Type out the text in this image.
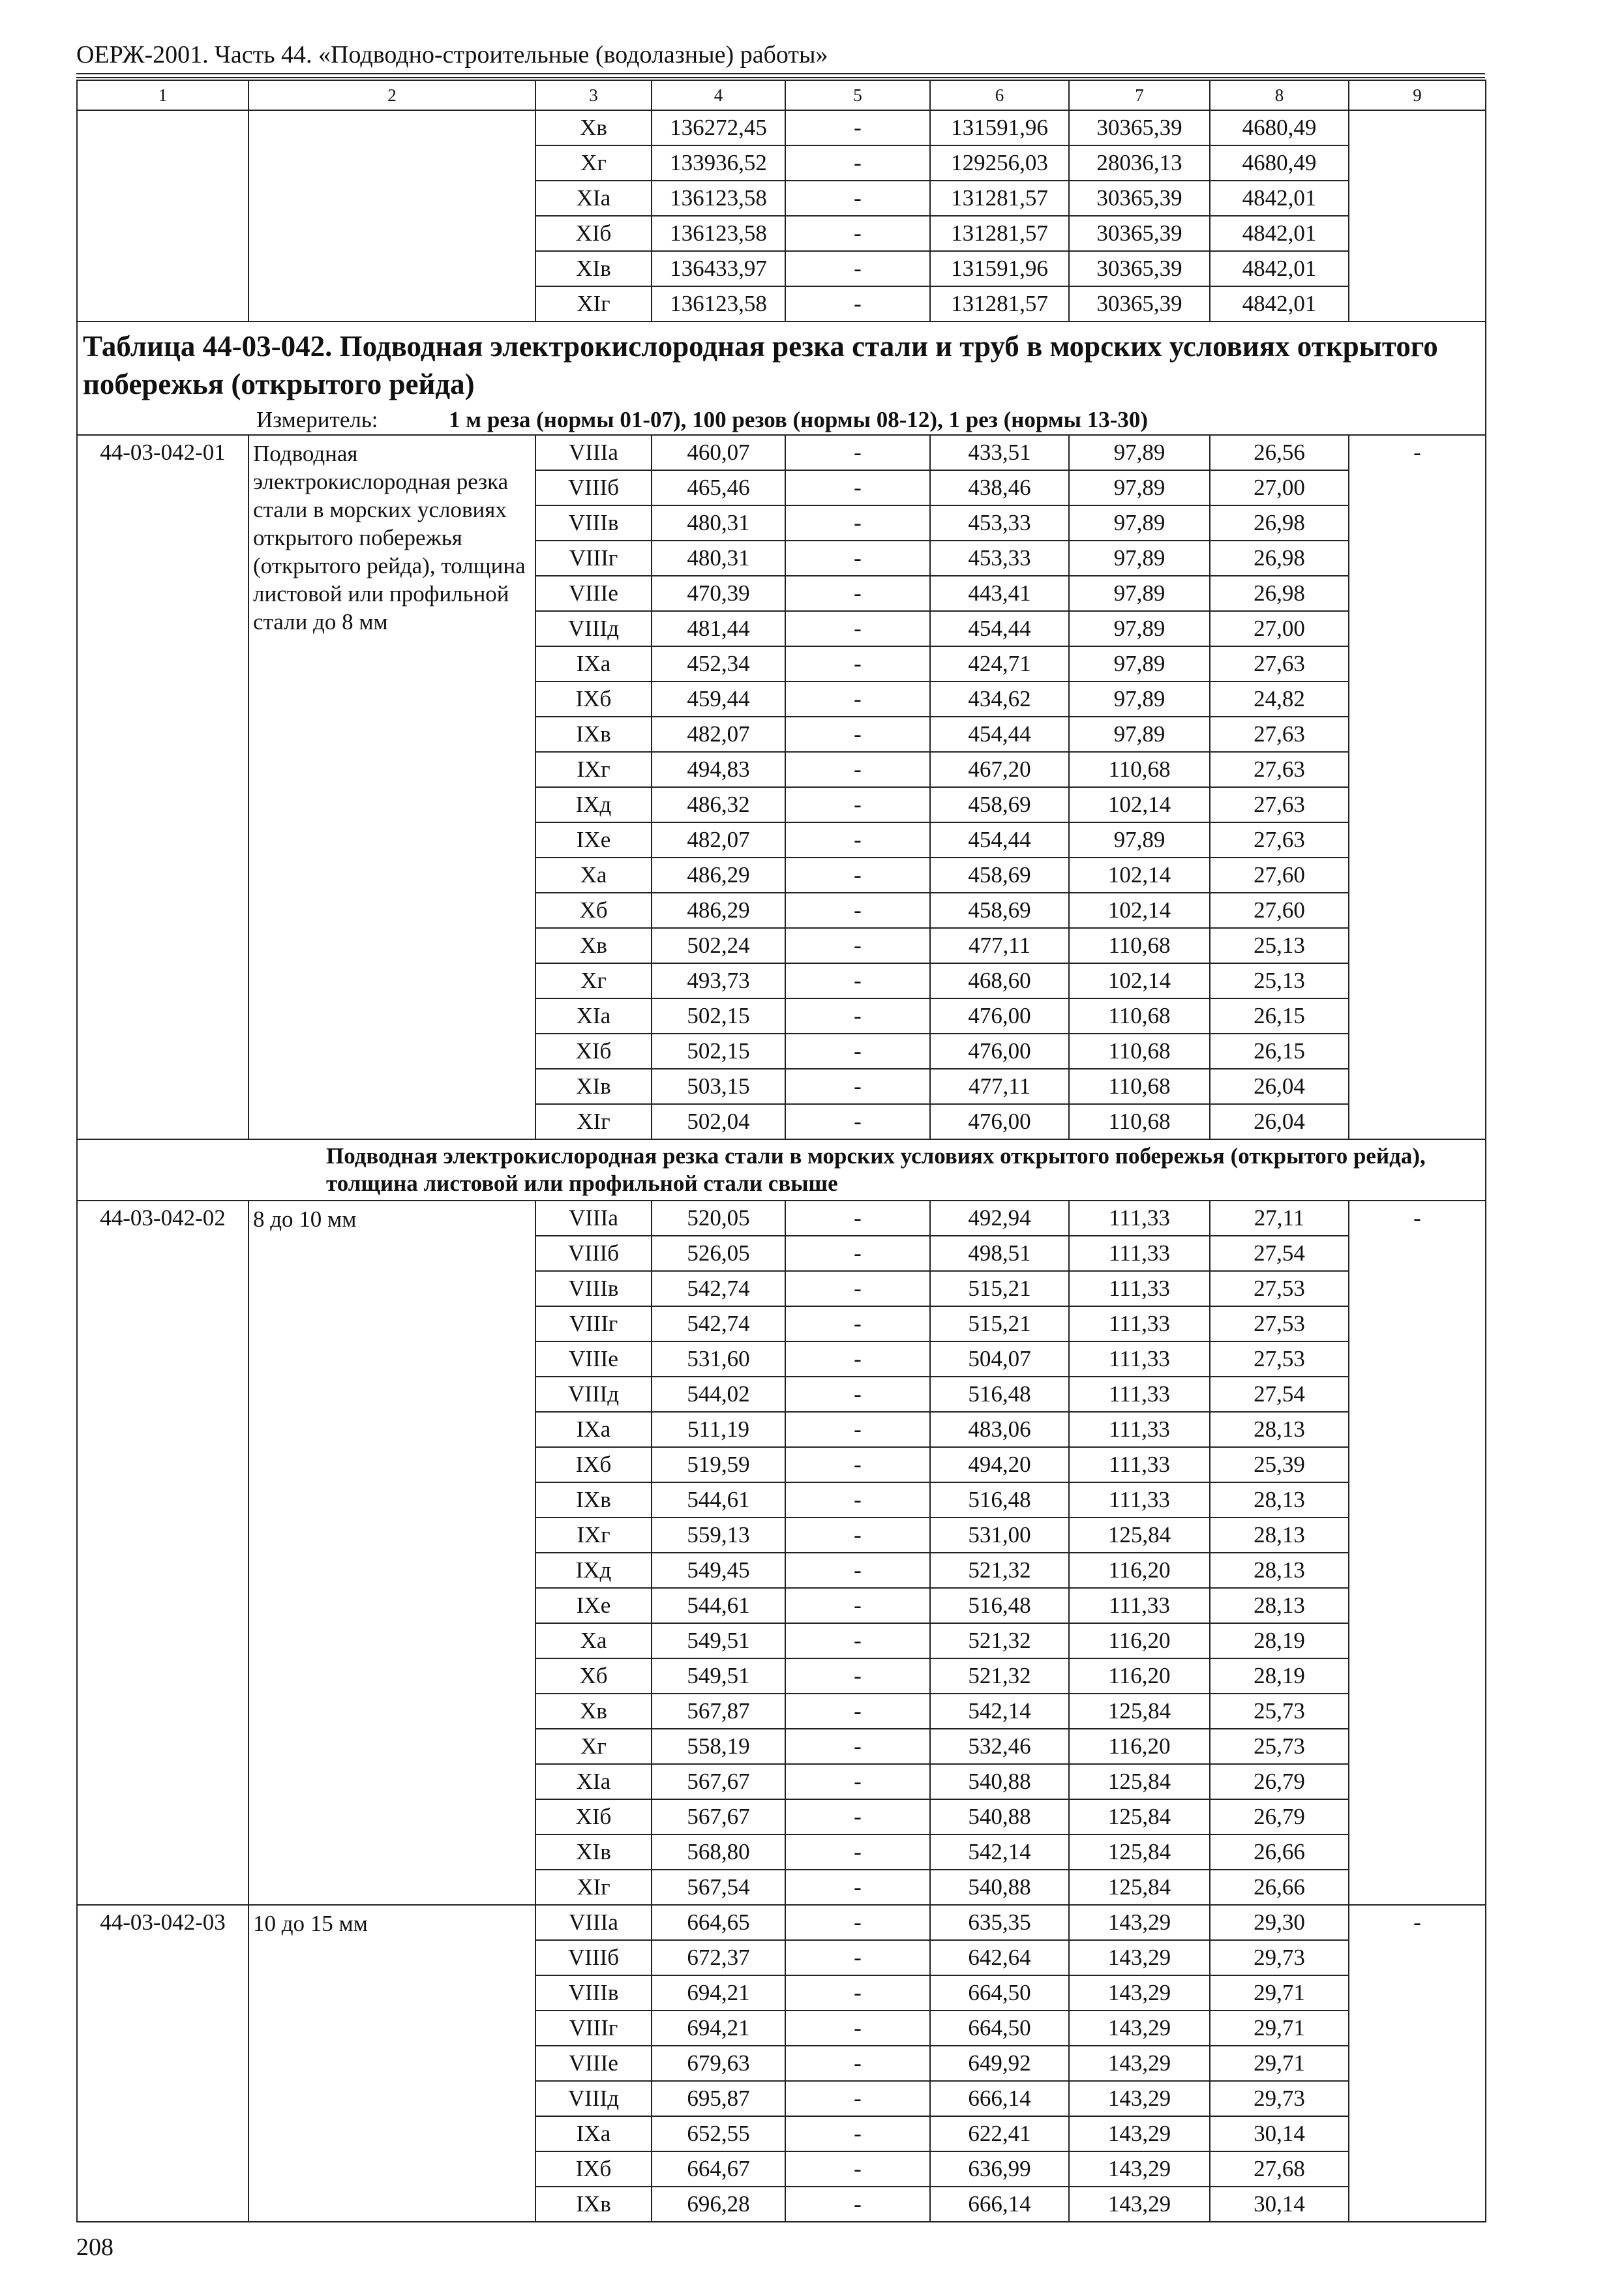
ОЕРЖ-2001. Часть 44. «Подводно-строительные (водолазные) работы»
1	2	3	4	5	6	7	8	9
		Хв	136272,45	-	131591,96	30365,39	4680,49	
		Хг	133936,52	-	129256,03	28036,13	4680,49	
		ХIа	136123,58	-	131281,57	30365,39	4842,01	
		ХIб	136123,58	-	131281,57	30365,39	4842,01	
		ХIв	136433,97	-	131591,96	30365,39	4842,01	
		ХIг	136123,58	-	131281,57	30365,39	4842,01	

Таблица 44-03-042. Подводная электрокислородная резка стали и труб в морских условиях открытого побережья (открытого рейда)
Измеритель: 1 м реза (нормы 01-07), 100 резов (нормы 08-12), 1 рез (нормы 13-30)								

44-03-042-01	Подводная электрокислородная резка стали в морских условиях открытого побережья (открытого рейда), толщина листовой или профильной стали до 8 мм	VIIIа	460,07	-	433,51	97,89	26,56	-
		VIIIб	465,46	-	438,46	97,89	27,00	
		VIIIв	480,31	-	453,33	97,89	26,98	
		VIIIг	480,31	-	453,33	97,89	26,98	
		VIIIе	470,39	-	443,41	97,89	26,98	
		VIIIд	481,44	-	454,44	97,89	27,00	
		IХа	452,34	-	424,71	97,89	27,63	
		IХб	459,44	-	434,62	97,89	24,82	
		IХв	482,07	-	454,44	97,89	27,63	
		IХг	494,83	-	467,20	110,68	27,63	
		IХд	486,32	-	458,69	102,14	27,63	
		IХе	482,07	-	454,44	97,89	27,63	
		Ха	486,29	-	458,69	102,14	27,60	
		Хб	486,29	-	458,69	102,14	27,60	
		Хв	502,24	-	477,11	110,68	25,13	
		Хг	493,73	-	468,60	102,14	25,13	
		ХIа	502,15	-	476,00	110,68	26,15	
		ХIб	502,15	-	476,00	110,68	26,15	
		ХIв	503,15	-	477,11	110,68	26,04	
		ХIг	502,04	-	476,00	110,68	26,04	
Подводная электрокислородная резка стали в морских условиях открытого побережья (открытого рейда), толщина листовой или профильной стали свыше								
44-03-042-02	8 до 10 мм	VIIIа	520,05	-	492,94	111,33	27,11	-
		VIIIб	526,05	-	498,51	111,33	27,54	
		VIIIв	542,74	-	515,21	111,33	27,53	
		VIIIг	542,74	-	515,21	111,33	27,53	
		VIIIе	531,60	-	504,07	111,33	27,53	
		VIIIд	544,02	-	516,48	111,33	27,54	
		IХа	511,19	-	483,06	111,33	28,13	
		IХб	519,59	-	494,20	111,33	25,39	
		IХв	544,61	-	516,48	111,33	28,13	
		IХг	559,13	-	531,00	125,84	28,13	
		IХд	549,45	-	521,32	116,20	28,13	
		IХе	544,61	-	516,48	111,33	28,13	
		Ха	549,51	-	521,32	116,20	28,19	
		Хб	549,51	-	521,32	116,20	28,19	
		Хв	567,87	-	542,14	125,84	25,73	
		Хг	558,19	-	532,46	116,20	25,73	
		ХIа	567,67	-	540,88	125,84	26,79	
		ХIб	567,67	-	540,88	125,84	26,79	
		ХIв	568,80	-	542,14	125,84	26,66	
		ХIг	567,54	-	540,88	125,84	26,66	
44-03-042-03	10 до 15 мм	VIIIа	664,65	-	635,35	143,29	29,30	-
		VIIIб	672,37	-	642,64	143,29	29,73	
		VIIIв	694,21	-	664,50	143,29	29,71	
		VIIIг	694,21	-	664,50	143,29	29,71	
		VIIIе	679,63	-	649,92	143,29	29,71	
		VIIIд	695,87	-	666,14	143,29	29,73	
		IХа	652,55	-	622,41	143,29	30,14	
		IХб	664,67	-	636,99	143,29	27,68	
		IХв	696,28	-	666,14	143,29	30,14	
208
